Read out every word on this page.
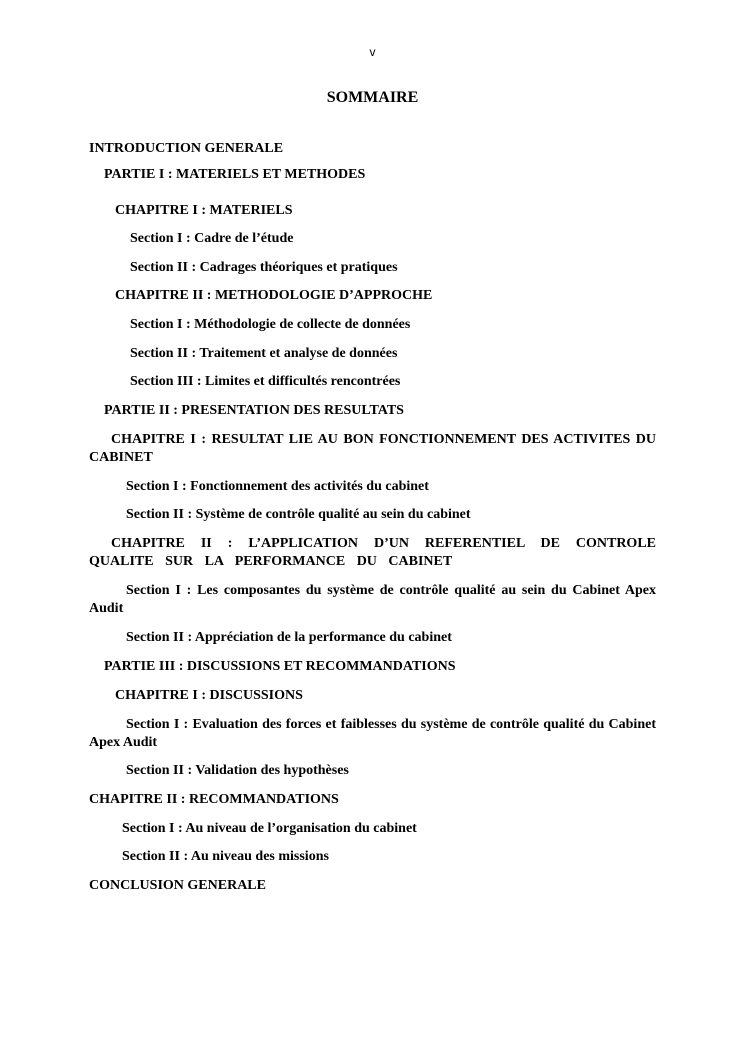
v
SOMMAIRE

INTRODUCTION GENERALE

PARTIE I : MATERIELS ET METHODES

CHAPITRE I : MATERIELS

Section I : Cadre de l’étude

Section II : Cadrages théoriques et pratiques

CHAPITRE II : METHODOLOGIE D’APPROCHE

Section I : Méthodologie de collecte de données

Section II : Traitement et analyse de données

Section III : Limites et difficultés rencontrées

PARTIE II : PRESENTATION DES RESULTATS

CHAPITRE I : RESULTAT LIE AU BON FONCTIONNEMENT DES ACTIVITES DU CABINET

Section I : Fonctionnement des activités du cabinet

Section II : Système de contrôle qualité au sein du cabinet

CHAPITRE II : L’APPLICATION D’UN REFERENTIEL DE CONTROLE QUALITE SUR LA PERFORMANCE DU CABINET

Section I : Les composantes du système de contrôle qualité au sein du Cabinet Apex Audit

Section II : Appréciation de la performance du cabinet

PARTIE III : DISCUSSIONS ET RECOMMANDATIONS

CHAPITRE I : DISCUSSIONS

Section I : Evaluation des forces et faiblesses du système de contrôle qualité du Cabinet Apex Audit

Section II : Validation des hypothèses

CHAPITRE II : RECOMMANDATIONS

Section I : Au niveau de l’organisation du cabinet

Section II : Au niveau des missions

CONCLUSION GENERALE
